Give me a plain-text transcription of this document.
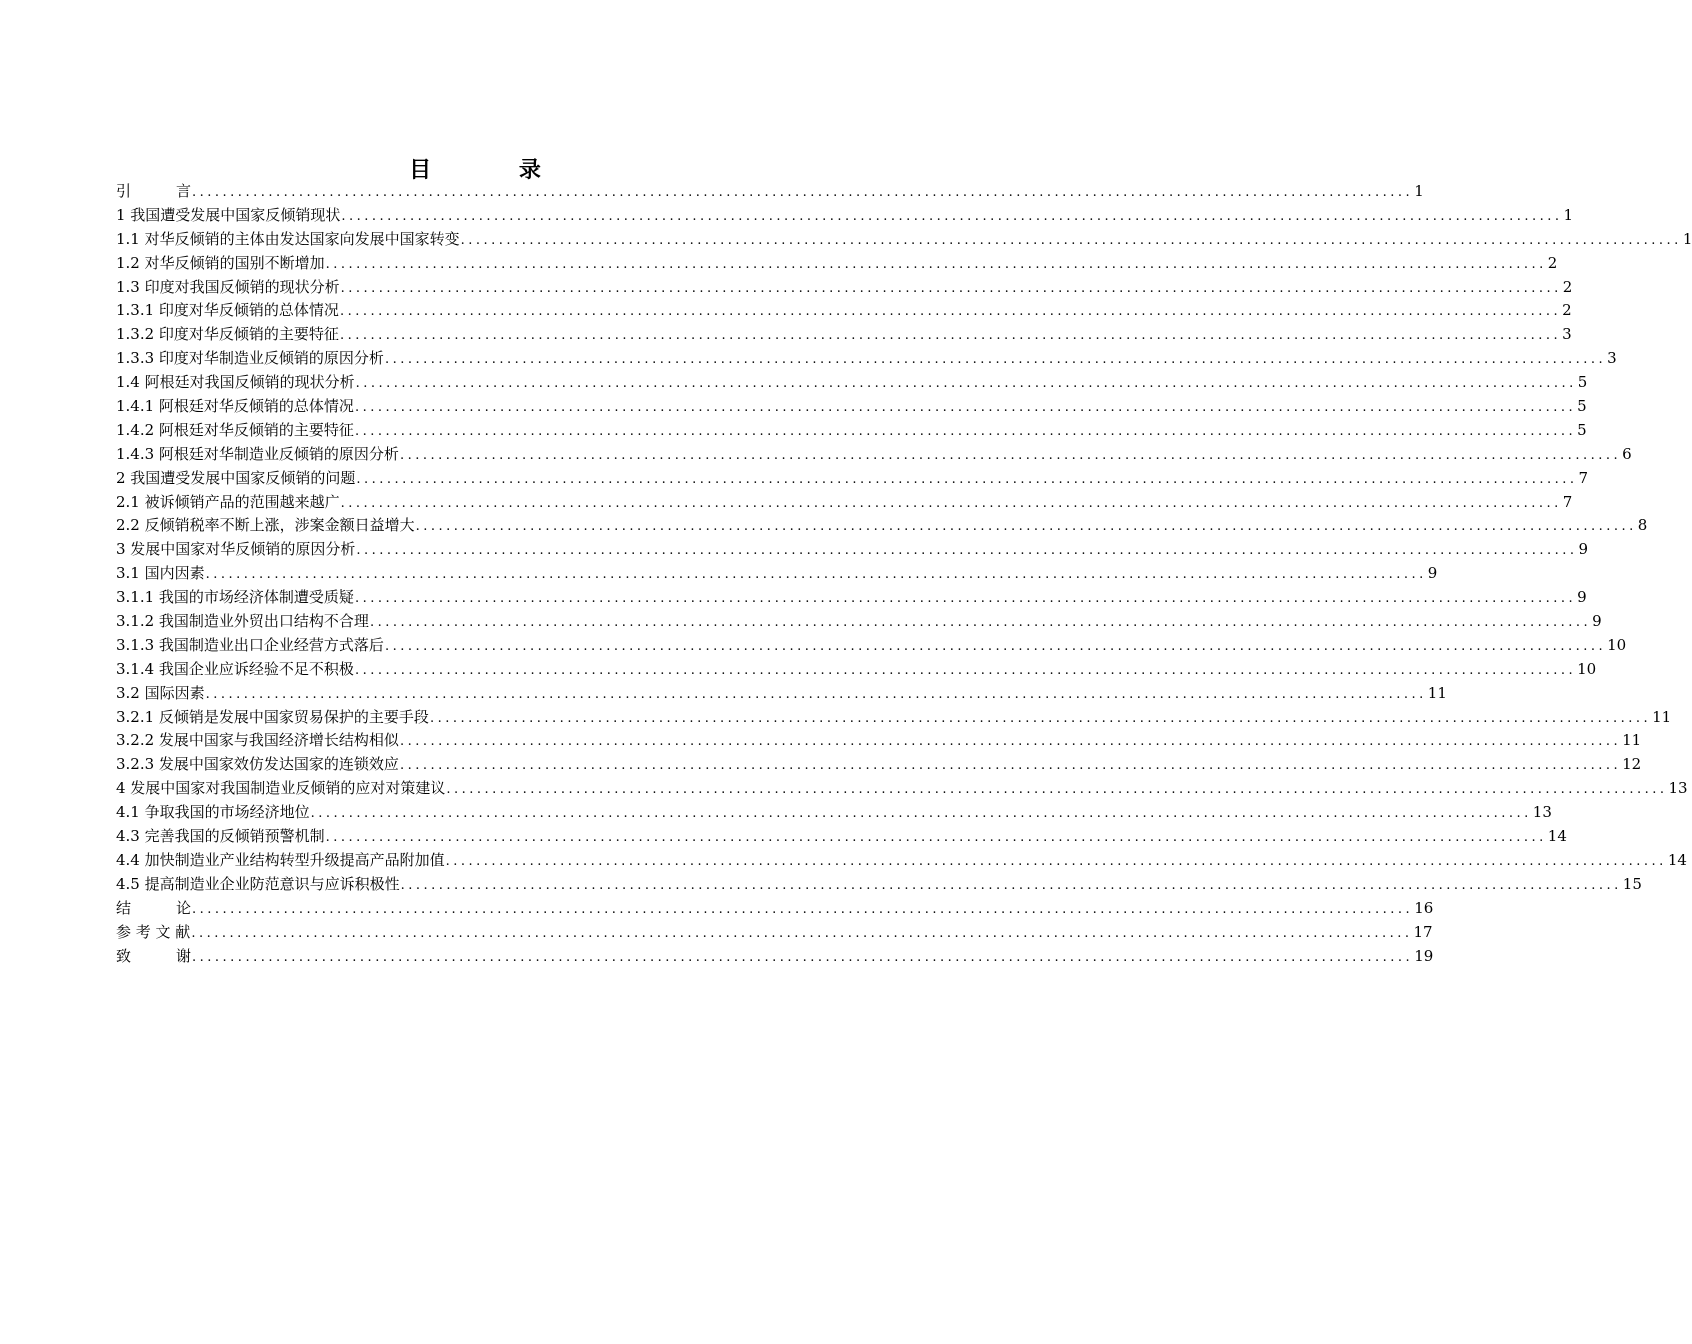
目 录
引　　　言 ................................................................................................................................................................ 1
1 我国遭受发展中国家反倾销现状 ................................................................................................................................................................ 1
1.1 对华反倾销的主体由发达国家向发展中国家转变 ................................................................................................................................................................ 1
1.2 对华反倾销的国别不断增加 ................................................................................................................................................................ 2
1.3 印度对我国反倾销的现状分析 ................................................................................................................................................................ 2
1.3.1 印度对华反倾销的总体情况 ................................................................................................................................................................ 2
1.3.2 印度对华反倾销的主要特征 ................................................................................................................................................................ 3
1.3.3 印度对华制造业反倾销的原因分析 ................................................................................................................................................................ 3
1.4 阿根廷对我国反倾销的现状分析 ................................................................................................................................................................ 5
1.4.1 阿根廷对华反倾销的总体情况 ................................................................................................................................................................ 5
1.4.2 阿根廷对华反倾销的主要特征 ................................................................................................................................................................ 5
1.4.3 阿根廷对华制造业反倾销的原因分析 ................................................................................................................................................................ 6
2 我国遭受发展中国家反倾销的问题 ................................................................................................................................................................ 7
2.1 被诉倾销产品的范围越来越广 ................................................................................................................................................................ 7
2.2 反倾销税率不断上涨，涉案金额日益增大 ................................................................................................................................................................ 8
3 发展中国家对华反倾销的原因分析 ................................................................................................................................................................ 9
3.1 国内因素 ................................................................................................................................................................ 9
3.1.1 我国的市场经济体制遭受质疑 ................................................................................................................................................................ 9
3.1.2 我国制造业外贸出口结构不合理 ................................................................................................................................................................ 9
3.1.3 我国制造业出口企业经营方式落后 ................................................................................................................................................................ 10
3.1.4 我国企业应诉经验不足不积极 ................................................................................................................................................................ 10
3.2 国际因素 ................................................................................................................................................................ 11
3.2.1 反倾销是发展中国家贸易保护的主要手段 ................................................................................................................................................................ 11
3.2.2 发展中国家与我国经济增长结构相似 ................................................................................................................................................................ 11
3.2.3 发展中国家效仿发达国家的连锁效应 ................................................................................................................................................................ 12
4 发展中国家对我国制造业反倾销的应对对策建议 ................................................................................................................................................................ 13
4.1 争取我国的市场经济地位 ................................................................................................................................................................ 13
4.3 完善我国的反倾销预警机制 ................................................................................................................................................................ 14
4.4 加快制造业产业结构转型升级提高产品附加值 ................................................................................................................................................................ 14
4.5 提高制造业企业防范意识与应诉积极性 ................................................................................................................................................................ 15
结　　　论 ................................................................................................................................................................ 16
参 考 文 献 ................................................................................................................................................................ 17
致　　　谢 ................................................................................................................................................................ 19
